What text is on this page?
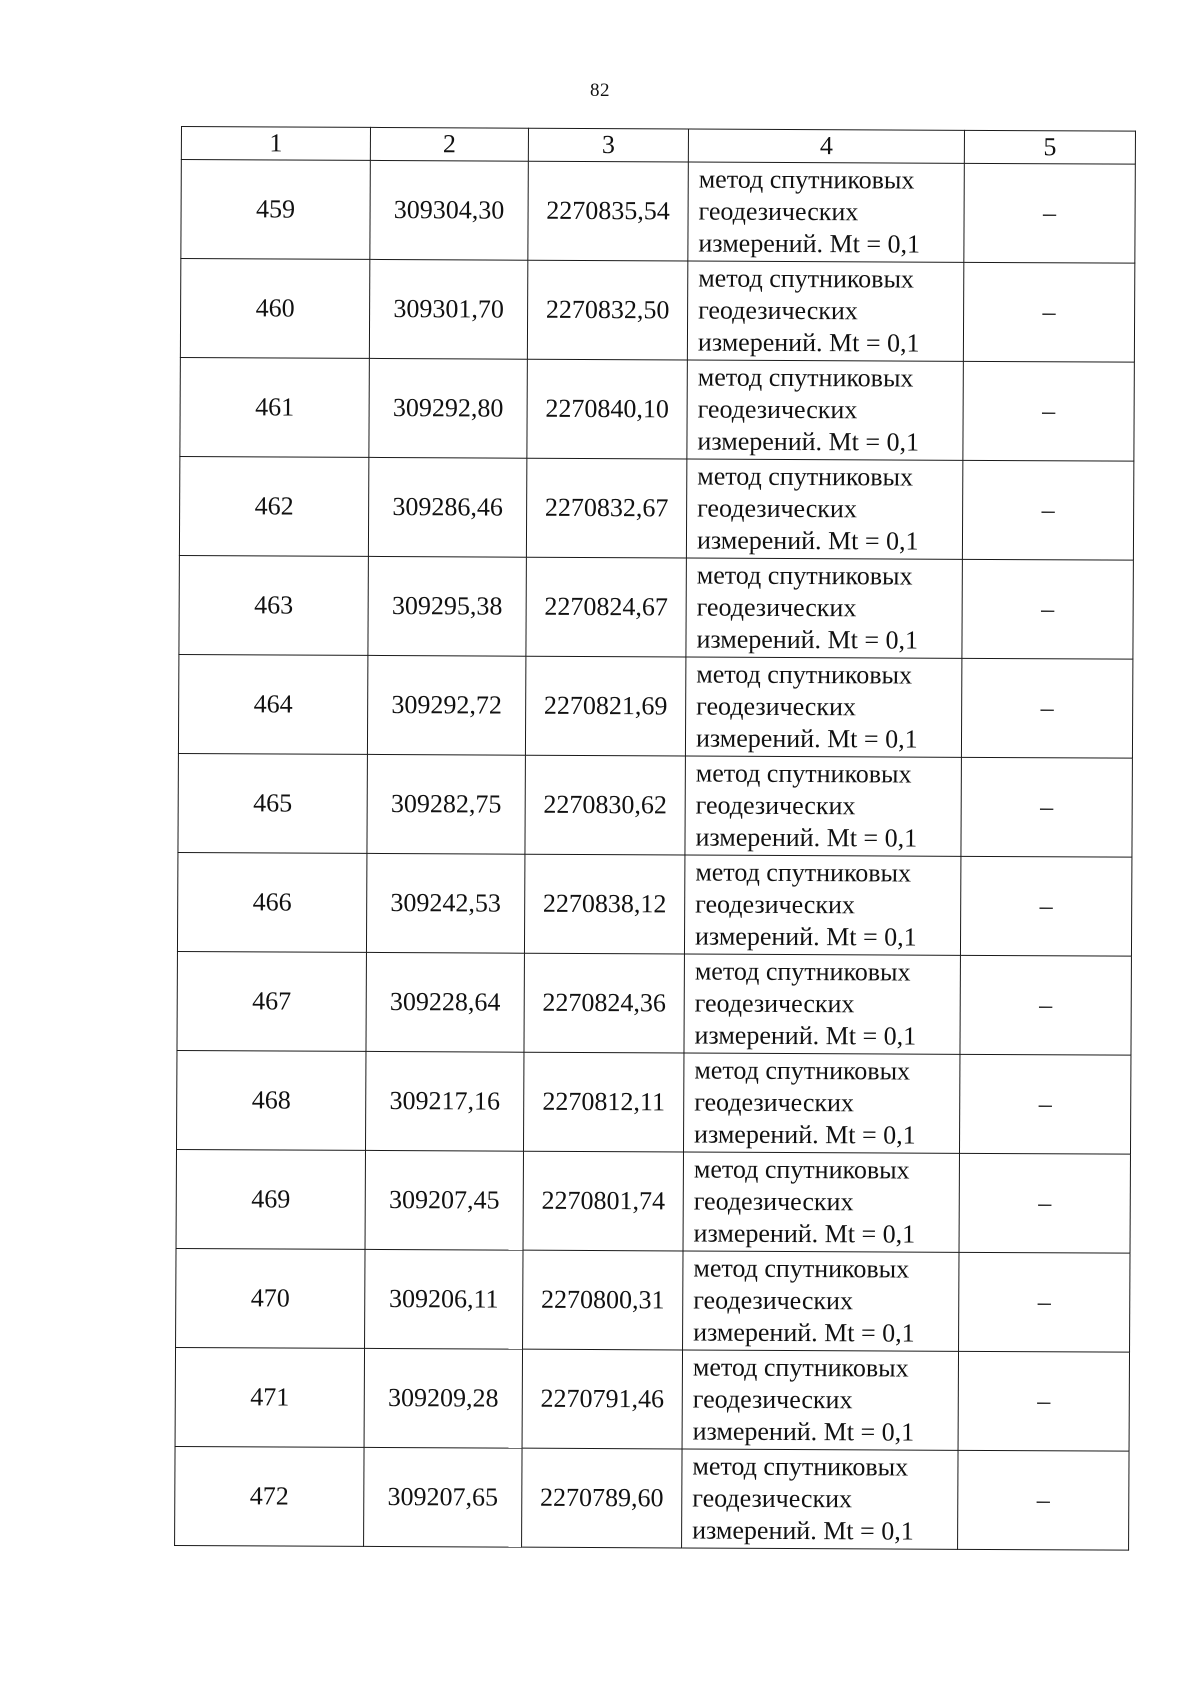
82
1	2	3	4	5
459	309304,30	2270835,54	метод спутниковых
геодезических
измерений. Mt = 0,1	–
460	309301,70	2270832,50	метод спутниковых
геодезических
измерений. Mt = 0,1	–
461	309292,80	2270840,10	метод спутниковых
геодезических
измерений. Mt = 0,1	–
462	309286,46	2270832,67	метод спутниковых
геодезических
измерений. Mt = 0,1	–
463	309295,38	2270824,67	метод спутниковых
геодезических
измерений. Mt = 0,1	–
464	309292,72	2270821,69	метод спутниковых
геодезических
измерений. Mt = 0,1	–
465	309282,75	2270830,62	метод спутниковых
геодезических
измерений. Mt = 0,1	–
466	309242,53	2270838,12	метод спутниковых
геодезических
измерений. Mt = 0,1	–
467	309228,64	2270824,36	метод спутниковых
геодезических
измерений. Mt = 0,1	–
468	309217,16	2270812,11	метод спутниковых
геодезических
измерений. Mt = 0,1	–
469	309207,45	2270801,74	метод спутниковых
геодезических
измерений. Mt = 0,1	–
470	309206,11	2270800,31	метод спутниковых
геодезических
измерений. Mt = 0,1	–
471	309209,28	2270791,46	метод спутниковых
геодезических
измерений. Mt = 0,1	–
472	309207,65	2270789,60	метод спутниковых
геодезических
измерений. Mt = 0,1	–
